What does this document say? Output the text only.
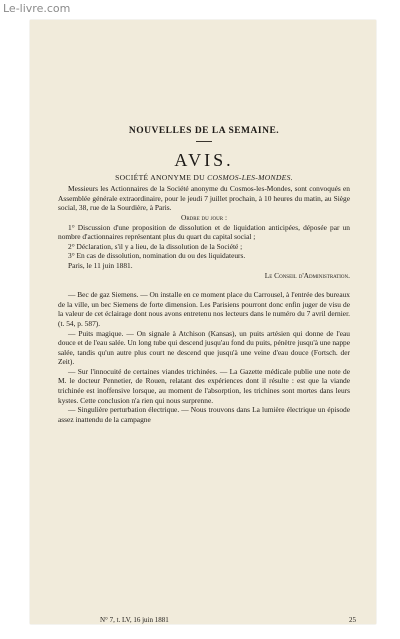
Le-livre.com
NOUVELLES DE LA SEMAINE.
AVIS.
SOCIÉTÉ ANONYME DU COSMOS-LES-MONDES.

Messieurs les Actionnaires de la Société anonyme du Cosmos-les-Mondes, sont convoqués en Assemblée générale extraordinaire, pour le jeudi 7 juillet prochain, à 10 heures du matin, au Siège social, 38, rue de la Sourdière, à Paris.

Ordre du jour :

1° Discussion d'une proposition de dissolution et de liquidation anticipées, déposée par un nombre d'actionnaires représentant plus du quart du capital social ;

2° Déclaration, s'il y a lieu, de la dissolution de la Société ;

3° En cas de dissolution, nomination du ou des liquidateurs.

Paris, le 11 juin 1881.

Le Conseil d'Administration.

— Bec de gaz Siemens. — On installe en ce moment place du Carrousel, à l'entrée des bureaux de la ville, un bec Siemens de forte dimension. Les Parisiens pourront donc enfin juger de visu de la valeur de cet éclairage dont nous avons entretenu nos lecteurs dans le numéro du 7 avril dernier. (t. 54, p. 587).

— Puits magique. — On signale à Atchison (Kansas), un puits artésien qui donne de l'eau douce et de l'eau salée. Un long tube qui descend jusqu'au fond du puits, pénètre jusqu'à une nappe salée, tandis qu'un autre plus court ne descend que jusqu'à une veine d'eau douce (Fortsch. der Zeit).

— Sur l'innocuité de certaines viandes trichinées. — La Gazette médicale publie une note de M. le docteur Pennetier, de Rouen, relatant des expériences dont il résulte : est que la viande trichinée est inoffensive lorsque, au moment de l'absorption, les trichines sont mortes dans leurs kystes. Cette conclusion n'a rien qui nous surprenne.

— Singulière perturbation électrique. — Nous trouvons dans La lumière électrique un épisode assez inattendu de la campagne

N° 7, t. LV, 16 juin 1881	25
